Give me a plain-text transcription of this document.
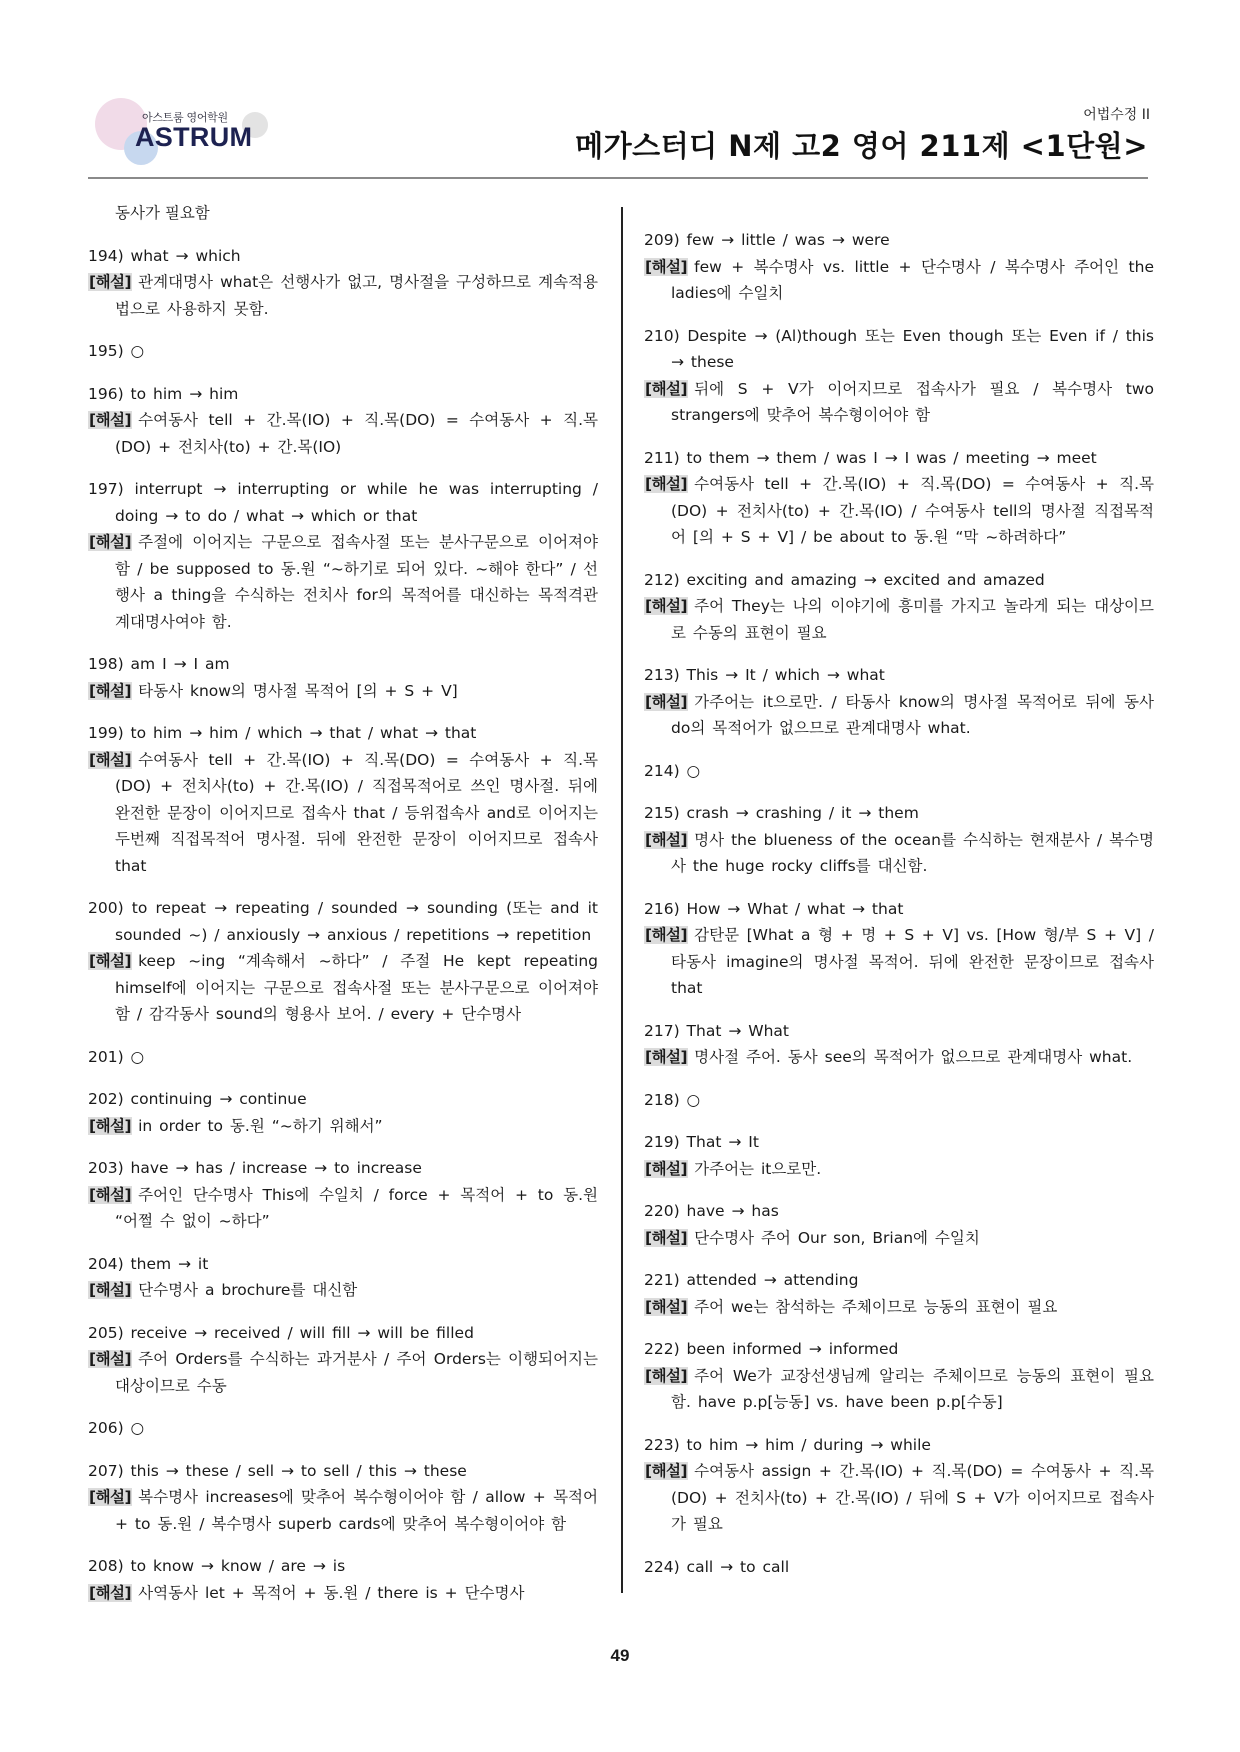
아스트룸 영어학원
ASTRUM
어법수정 II
메가스터디 N제 고2 영어 211제 <1단원>
동사가 필요함
194) what → which
[해설] 관계대명사 what은 선행사가 없고, 명사절을 구성하므로 계속적용법으로 사용하지 못함.
195) ○
196) to him → him
[해설] 수여동사 tell + 간.목(IO) + 직.목(DO) = 수여동사 + 직.목(DO) + 전치사(to) + 간.목(IO)
197) interrupt → interrupting or while he was interrupting / doing → to do / what → which or that
[해설] 주절에 이어지는 구문으로 접속사절 또는 분사구문으로 이어져야 함 / be supposed to 동.원 “~하기로 되어 있다. ~해야 한다” / 선행사 a thing을 수식하는 전치사 for의 목적어를 대신하는 목적격관계대명사여야 함.
198) am I → I am
[해설] 타동사 know의 명사절 목적어 [의 + S + V]
199) to him → him / which → that / what → that
[해설] 수여동사 tell + 간.목(IO) + 직.목(DO) = 수여동사 + 직.목(DO) + 전치사(to) + 간.목(IO) / 직접목적어로 쓰인 명사절. 뒤에 완전한 문장이 이어지므로 접속사 that / 등위접속사 and로 이어지는 두번째 직접목적어 명사절. 뒤에 완전한 문장이 이어지므로 접속사 that
200) to repeat → repeating / sounded → sounding (또는 and it sounded ~) / anxiously → anxious / repetitions → repetition
[해설] keep ~ing “계속해서 ~하다” / 주절 He kept repeating himself에 이어지는 구문으로 접속사절 또는 분사구문으로 이어져야 함 / 감각동사 sound의 형용사 보어. / every + 단수명사
201) ○
202) continuing → continue
[해설] in order to 동.원 “~하기 위해서”
203) have → has / increase → to increase
[해설] 주어인 단수명사 This에 수일치 / force + 목적어 + to 동.원 “어쩔 수 없이 ~하다”
204) them → it
[해설] 단수명사 a brochure를 대신함
205) receive → received / will fill → will be filled
[해설] 주어 Orders를 수식하는 과거분사 / 주어 Orders는 이행되어지는 대상이므로 수동
206) ○
207) this → these / sell → to sell / this → these
[해설] 복수명사 increases에 맞추어 복수형이어야 함 / allow + 목적어 + to 동.원 / 복수명사 superb cards에 맞추어 복수형이어야 함
208) to know → know / are → is
[해설] 사역동사 let + 목적어 + 동.원 / there is + 단수명사
209) few → little / was → were
[해설] few + 복수명사 vs. little + 단수명사 / 복수명사 주어인 the ladies에 수일치
210) Despite → (Al)though 또는 Even though 또는 Even if / this → these
[해설] 뒤에 S + V가 이어지므로 접속사가 필요 / 복수명사 two strangers에 맞추어 복수형이어야 함
211) to them → them / was I → I was / meeting → meet
[해설] 수여동사 tell + 간.목(IO) + 직.목(DO) = 수여동사 + 직.목(DO) + 전치사(to) + 간.목(IO) / 수여동사 tell의 명사절 직접목적어 [의 + S + V] / be about to 동.원 “막 ~하려하다”
212) exciting and amazing → excited and amazed
[해설] 주어 They는 나의 이야기에 흥미를 가지고 놀라게 되는 대상이므로 수동의 표현이 필요
213) This → It / which → what
[해설] 가주어는 it으로만. / 타동사 know의 명사절 목적어로 뒤에 동사 do의 목적어가 없으므로 관계대명사 what.
214) ○
215) crash → crashing / it → them
[해설] 명사 the blueness of the ocean를 수식하는 현재분사 / 복수명사 the huge rocky cliffs를 대신함.
216) How → What / what → that
[해설] 감탄문 [What a 형 + 명 + S + V] vs. [How 형/부 S + V] / 타동사 imagine의 명사절 목적어. 뒤에 완전한 문장이므로 접속사 that
217) That → What
[해설] 명사절 주어. 동사 see의 목적어가 없으므로 관계대명사 what.
218) ○
219) That → It
[해설] 가주어는 it으로만.
220) have → has
[해설] 단수명사 주어 Our son, Brian에 수일치
221) attended → attending
[해설] 주어 we는 참석하는 주체이므로 능동의 표현이 필요
222) been informed → informed
[해설] 주어 We가 교장선생님께 알리는 주체이므로 능동의 표현이 필요함. have p.p[능동] vs. have been p.p[수동]
223) to him → him / during → while
[해설] 수여동사 assign + 간.목(IO) + 직.목(DO) = 수여동사 + 직.목(DO) + 전치사(to) + 간.목(IO) / 뒤에 S + V가 이어지므로 접속사가 필요
224) call → to call
49
